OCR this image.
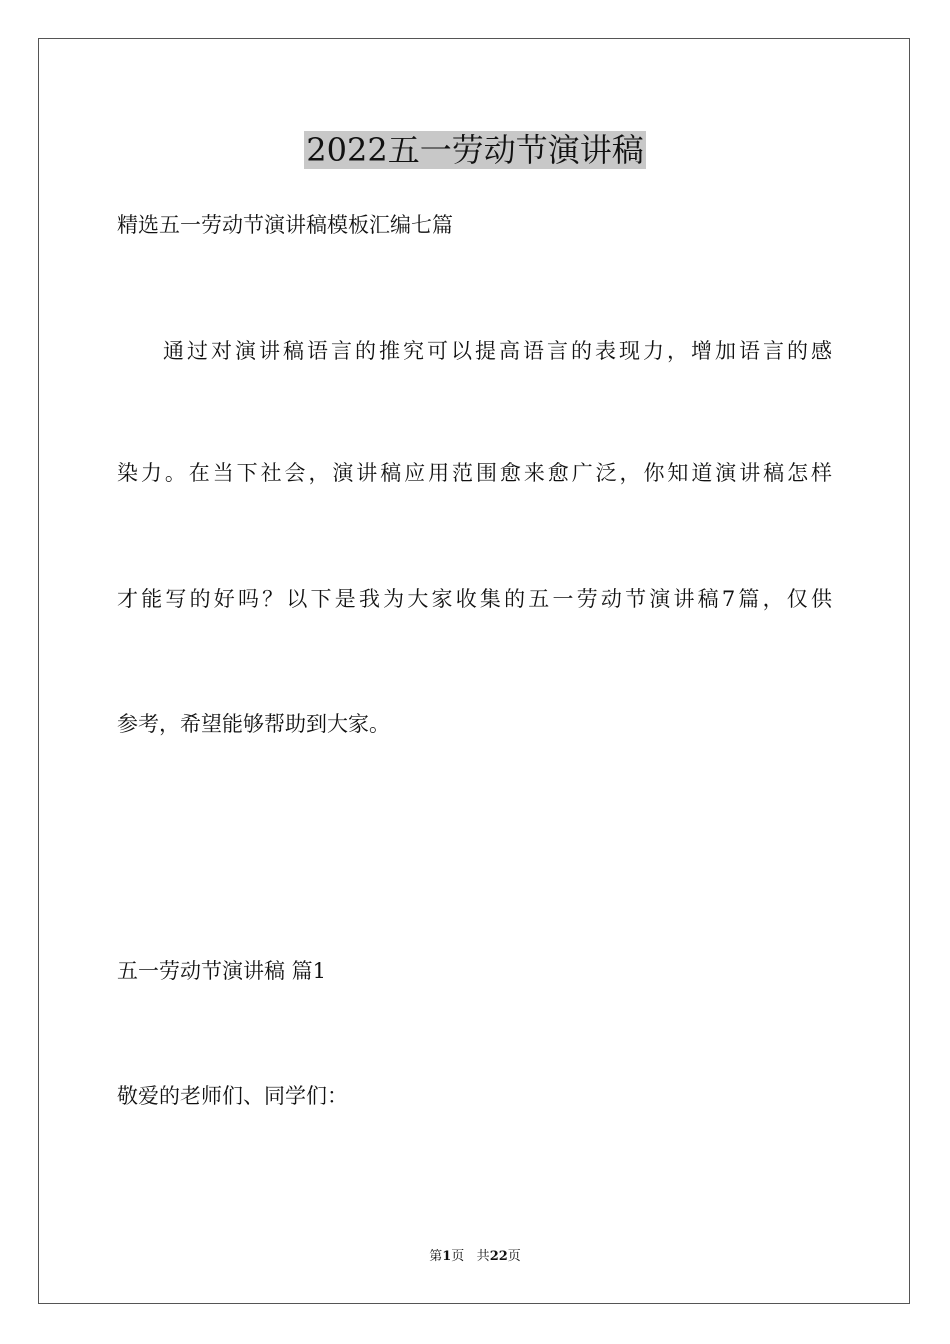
2022五一劳动节演讲稿
精选五一劳动节演讲稿模板汇编七篇
通过对演讲稿语言的推究可以提高语言的表现力，增加语言的感
染力。在当下社会，演讲稿应用范围愈来愈广泛，你知道演讲稿怎样
才能写的好吗？以下是我为大家收集的五一劳动节演讲稿7篇，仅供
参考，希望能够帮助到大家。
五一劳动节演讲稿 篇1
敬爱的老师们、同学们：
第1页 共22页
